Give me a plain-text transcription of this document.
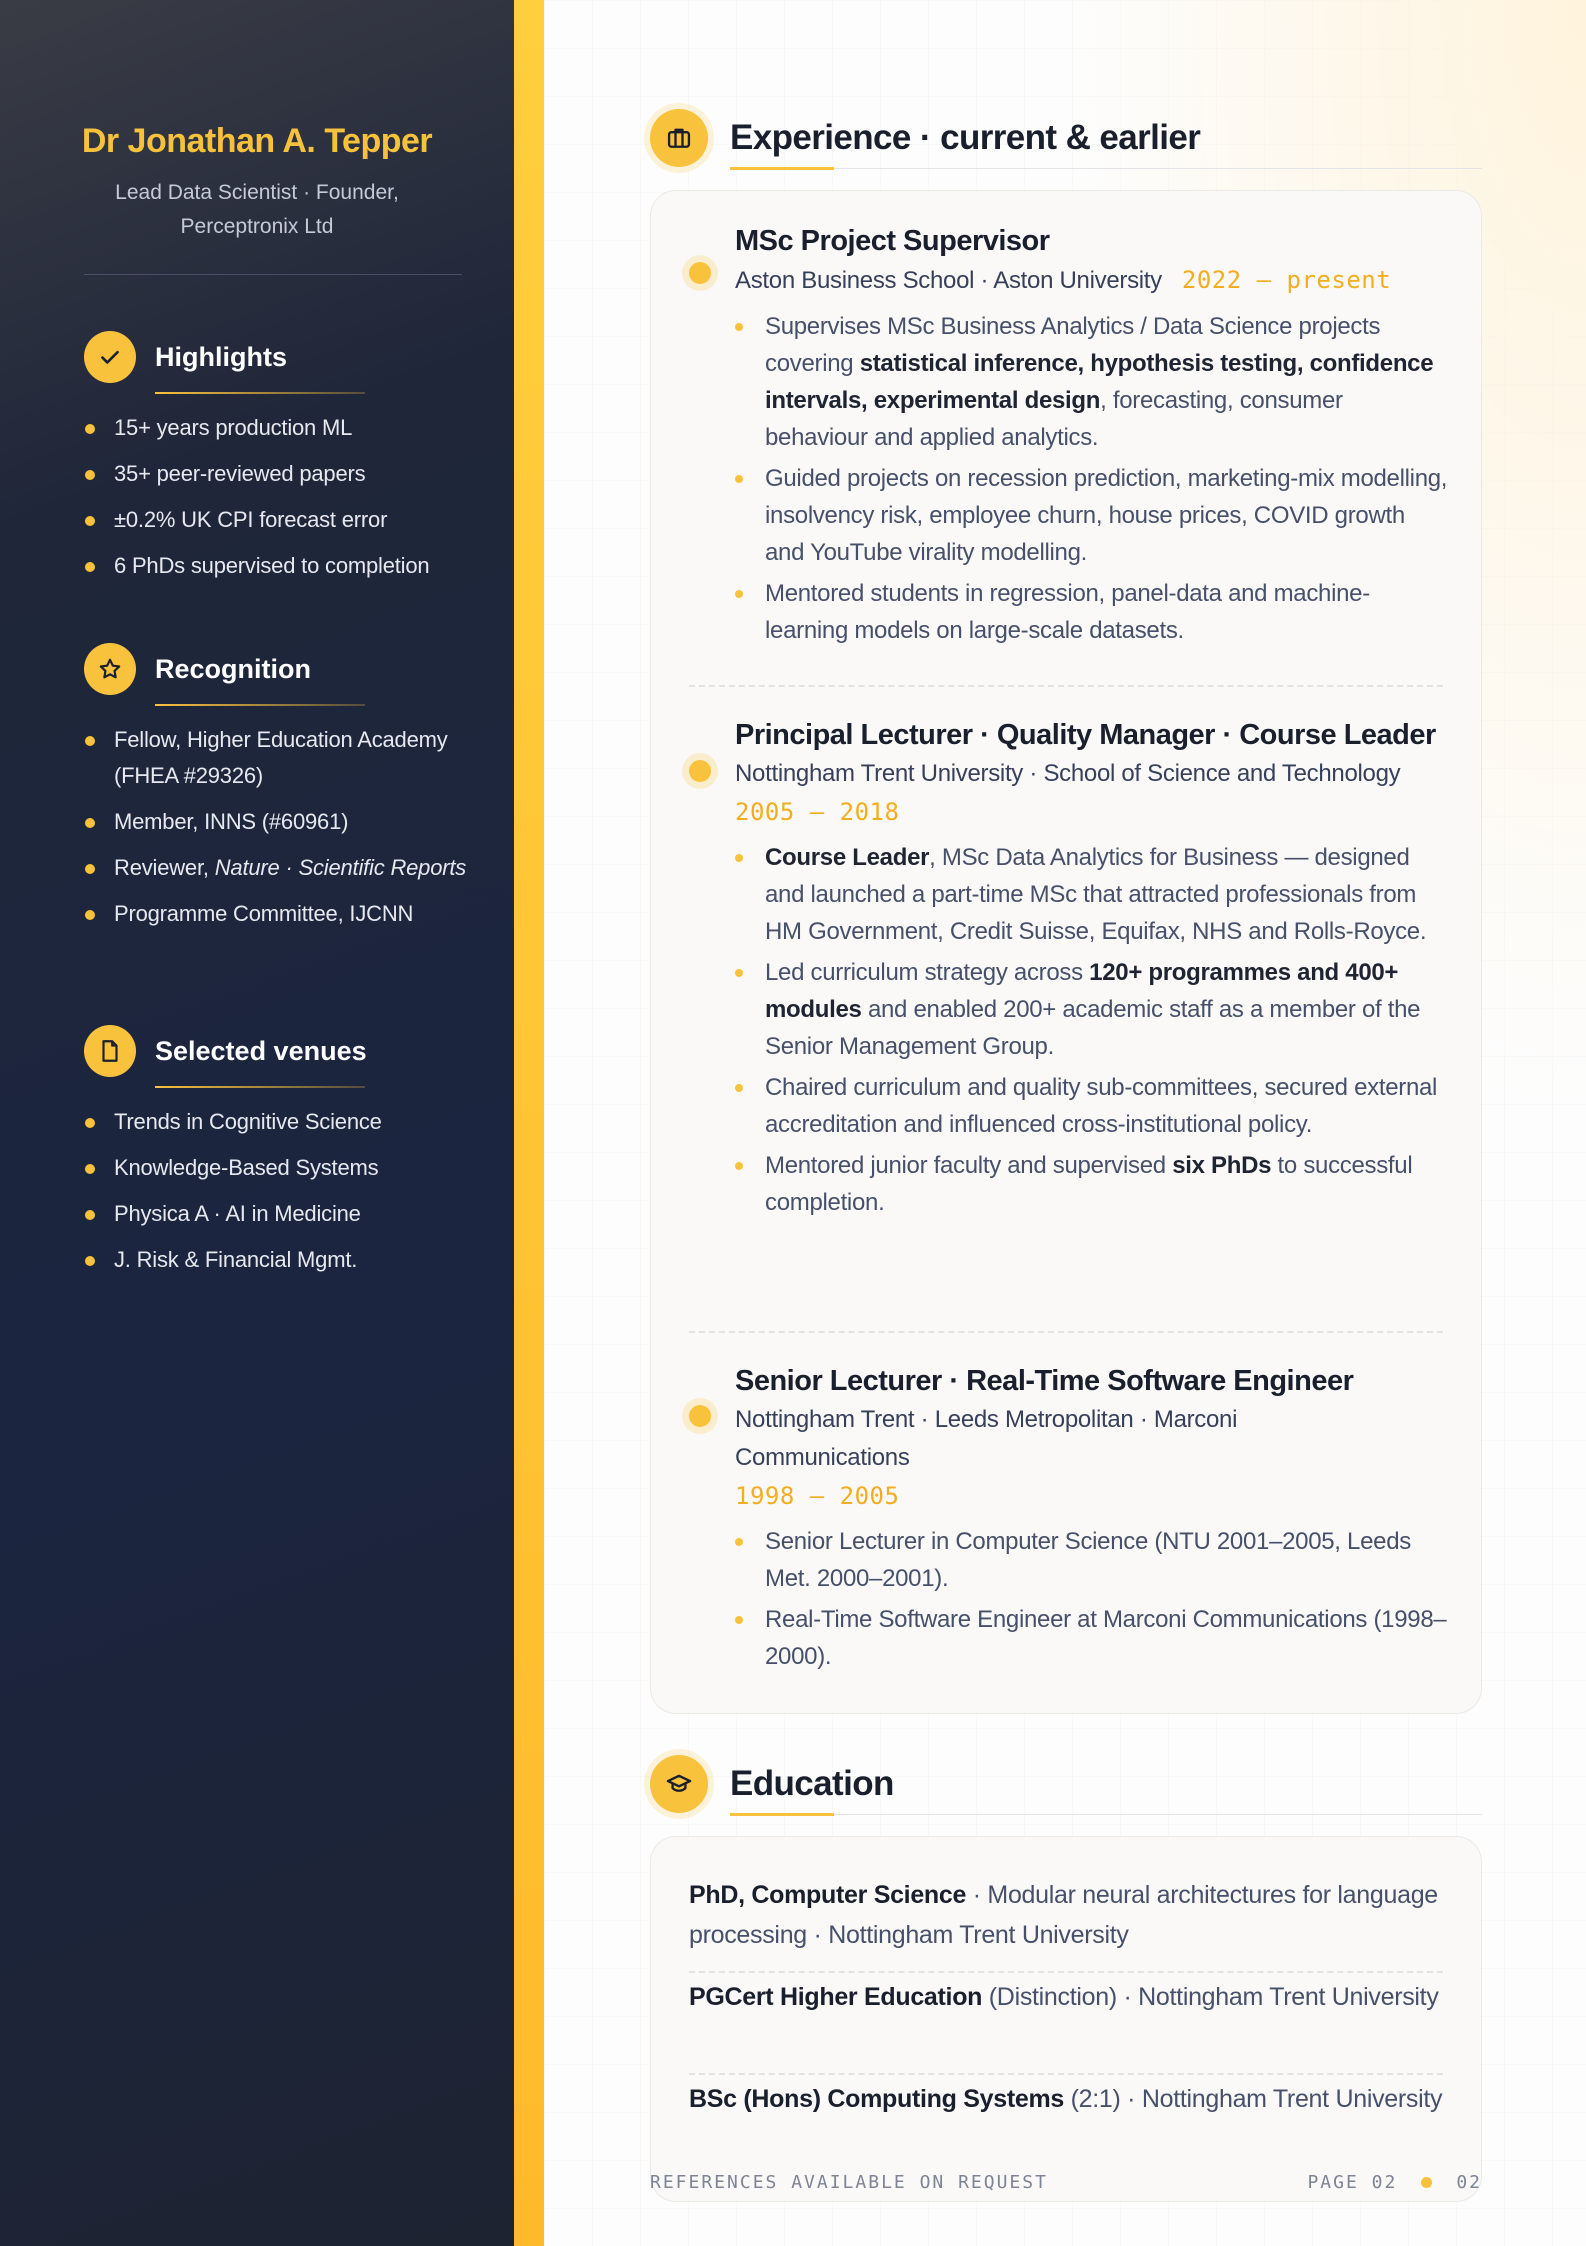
Dr Jonathan A. Tepper
Lead Data Scientist · Founder, Perceptronix Ltd
Highlights
15+ years production ML
35+ peer-reviewed papers
±0.2% UK CPI forecast error
6 PhDs supervised to completion
Recognition
Fellow, Higher Education Academy (FHEA #29326)
Member, INNS (#60961)
Reviewer, Nature · Scientific Reports
Programme Committee, IJCNN
Selected venues
Trends in Cognitive Science
Knowledge-Based Systems
Physica A · AI in Medicine
J. Risk & Financial Mgmt.
Experience · current & earlier
MSc Project Supervisor
Aston Business School · Aston University 2022 — present
Supervises MSc Business Analytics / Data Science projects covering statistical inference, hypothesis testing, confidence intervals, experimental design, forecasting, consumer behaviour and applied analytics.
Guided projects on recession prediction, marketing-mix modelling, insolvency risk, employee churn, house prices, COVID growth and YouTube virality modelling.
Mentored students in regression, panel-data and machine-learning models on large-scale datasets.
Principal Lecturer · Quality Manager · Course Leader
Nottingham Trent University · School of Science and Technology
2005 — 2018
Course Leader, MSc Data Analytics for Business — designed and launched a part-time MSc that attracted professionals from HM Government, Credit Suisse, Equifax, NHS and Rolls-Royce.
Led curriculum strategy across 120+ programmes and 400+ modules and enabled 200+ academic staff as a member of the Senior Management Group.
Chaired curriculum and quality sub-committees, secured external accreditation and influenced cross-institutional policy.
Mentored junior faculty and supervised six PhDs to successful completion.
Senior Lecturer · Real-Time Software Engineer
Nottingham Trent · Leeds Metropolitan · Marconi Communications
1998 — 2005
Senior Lecturer in Computer Science (NTU 2001–2005, Leeds Met. 2000–2001).
Real-Time Software Engineer at Marconi Communications (1998–2000).
Education
PhD, Computer Science · Modular neural architectures for language processing · Nottingham Trent University
PGCert Higher Education (Distinction) · Nottingham Trent University
BSc (Hons) Computing Systems (2:1) · Nottingham Trent University
REFERENCES AVAILABLE ON REQUEST	PAGE 02	02
